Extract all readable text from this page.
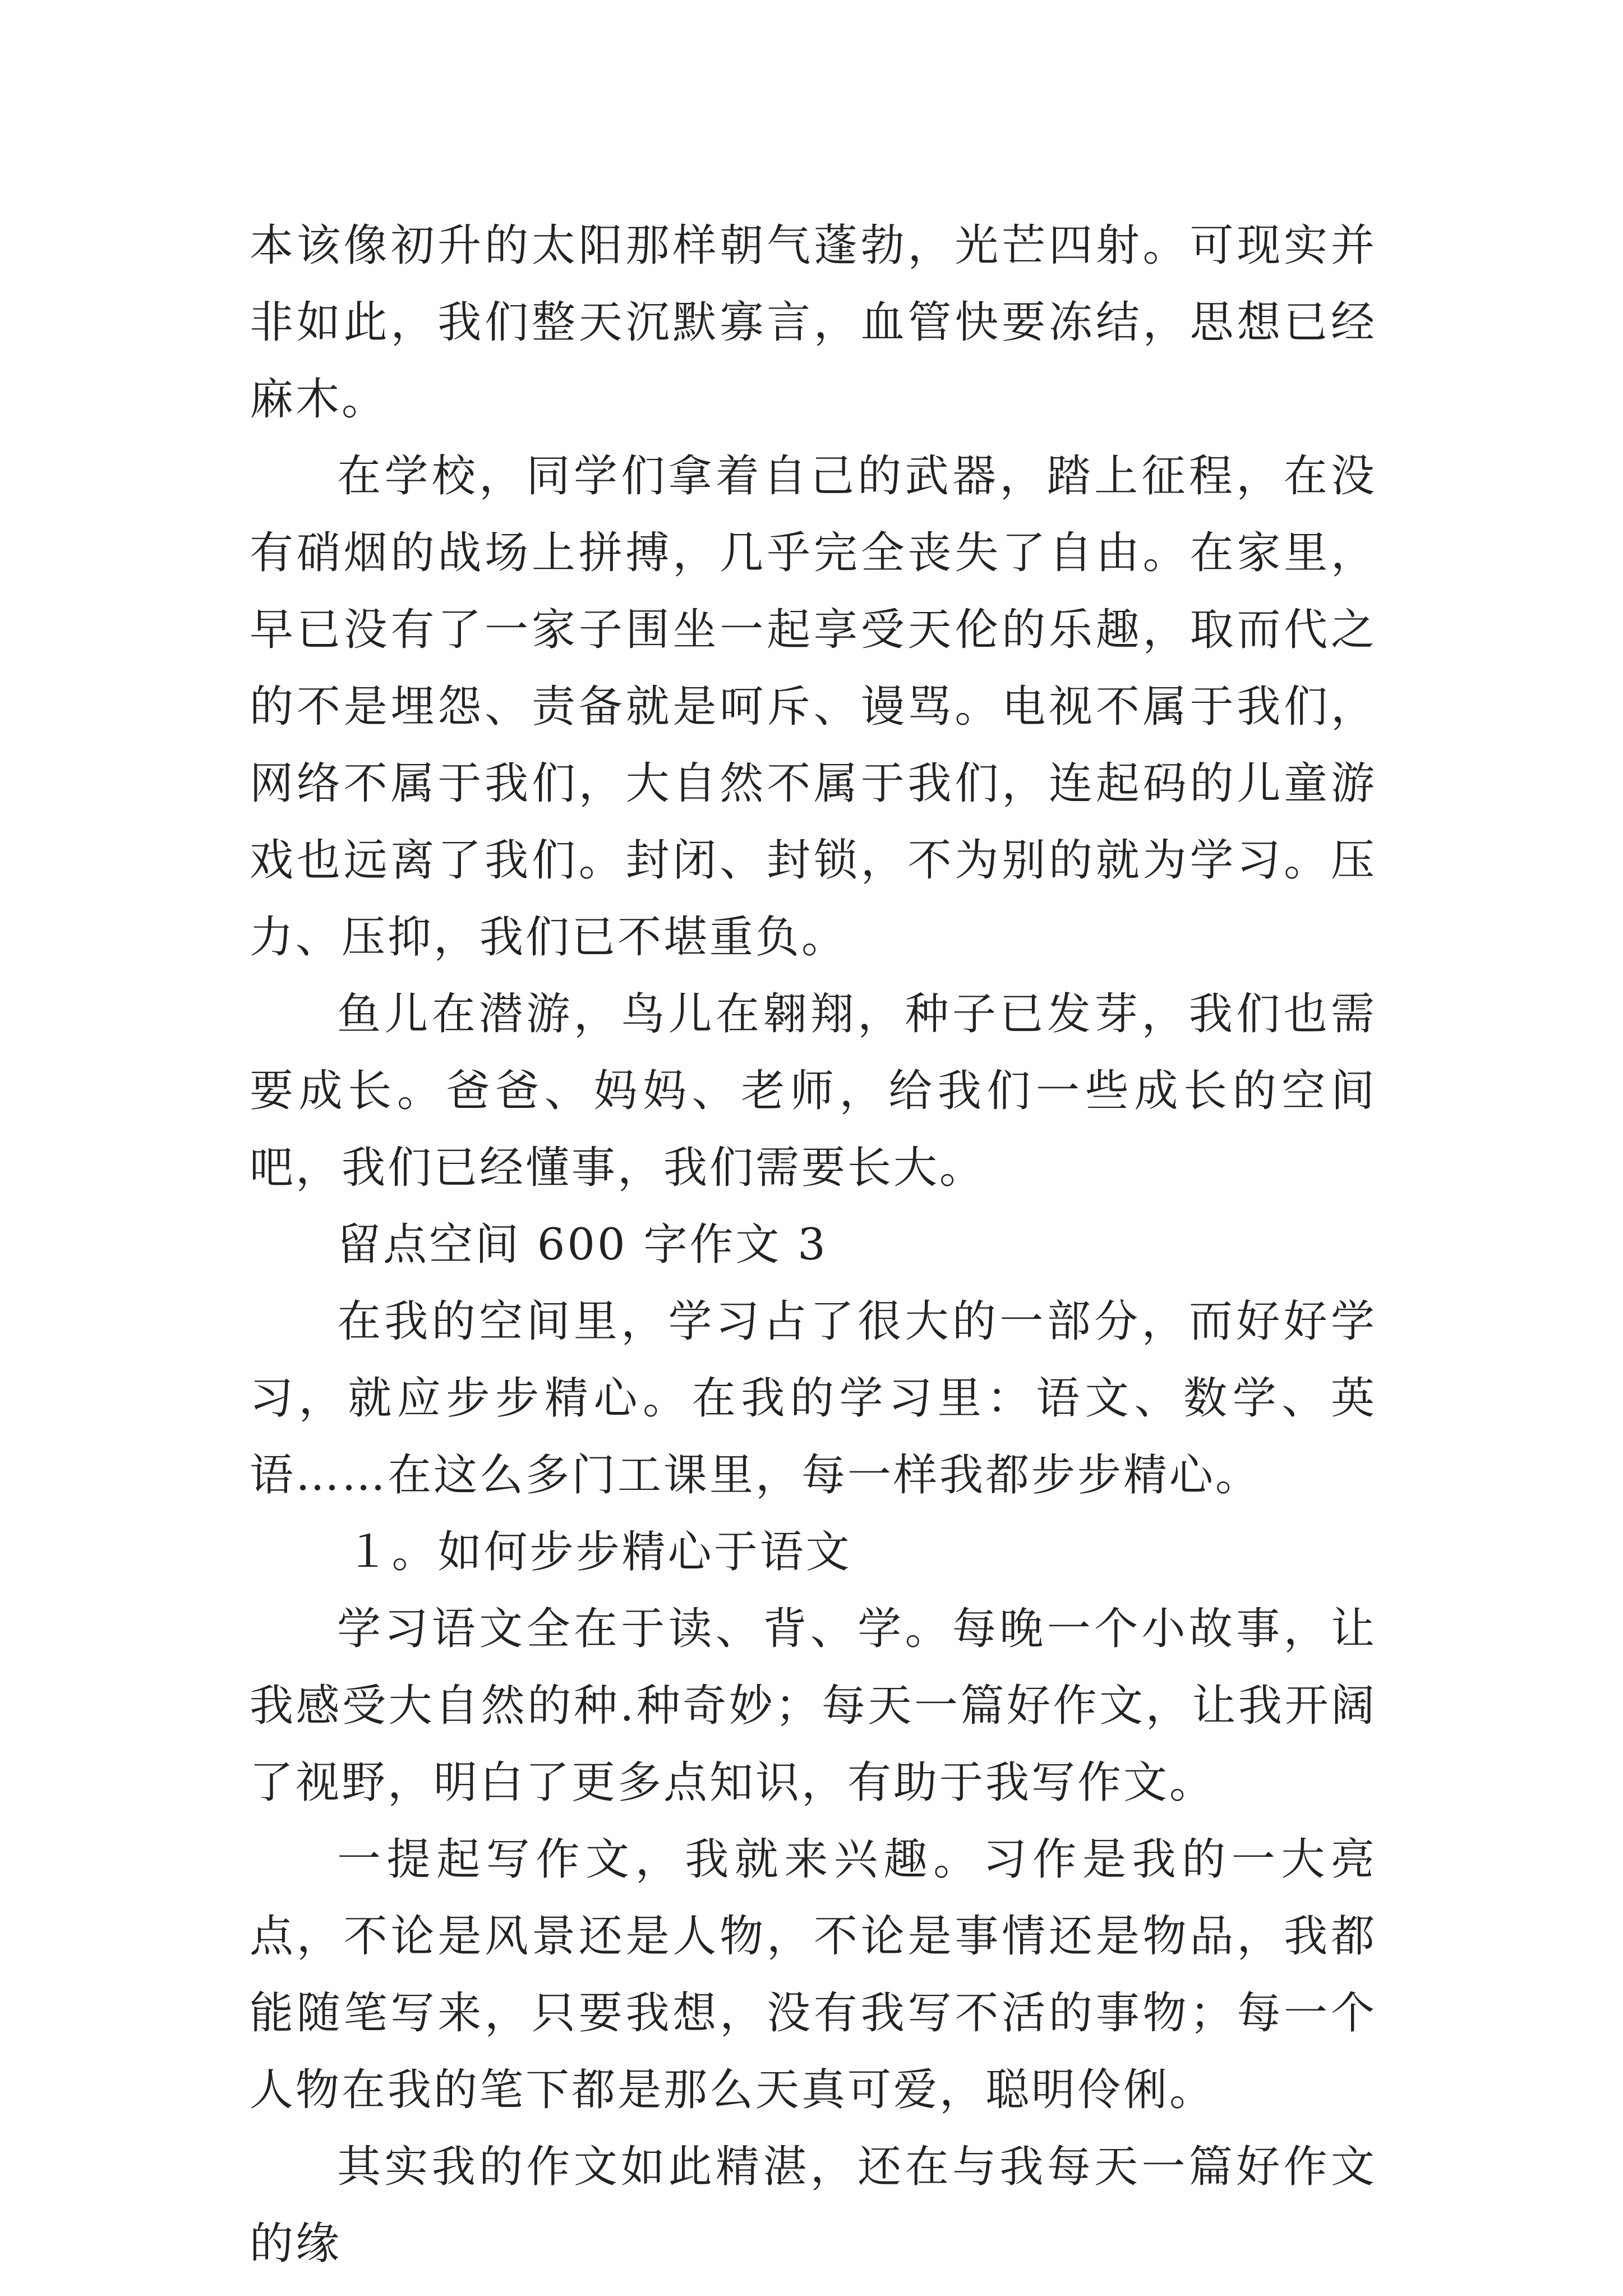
本该像初升的太阳那样朝气蓬勃，光芒四射。可现实并非如此，我们整天沉默寡言，血管快要冻结，思想已经麻木。

在学校，同学们拿着自己的武器，踏上征程，在没有硝烟的战场上拼搏，几乎完全丧失了自由。在家里，早已没有了一家子围坐一起享受天伦的乐趣，取而代之的不是埋怨、责备就是呵斥、谩骂。电视不属于我们，网络不属于我们，大自然不属于我们，连起码的儿童游戏也远离了我们。封闭、封锁，不为别的就为学习。压力、压抑，我们已不堪重负。

鱼儿在潜游，鸟儿在翱翔，种子已发芽，我们也需要成长。爸爸、妈妈、老师，给我们一些成长的空间吧，我们已经懂事，我们需要长大。

留点空间 600 字作文 3

在我的空间里，学习占了很大的一部分，而好好学习，就应步步精心。在我的学习里：语文、数学、英语……在这么多门工课里，每一样我都步步精心。

１。如何步步精心于语文

学习语文全在于读、背、学。每晚一个小故事，让我感受大自然的种.种奇妙；每天一篇好作文，让我开阔了视野，明白了更多点知识，有助于我写作文。

一提起写作文，我就来兴趣。习作是我的一大亮点，不论是风景还是人物，不论是事情还是物品，我都能随笔写来，只要我想，没有我写不活的事物；每一个人物在我的笔下都是那么天真可爱，聪明伶俐。

其实我的作文如此精湛，还在与我每天一篇好作文的缘
